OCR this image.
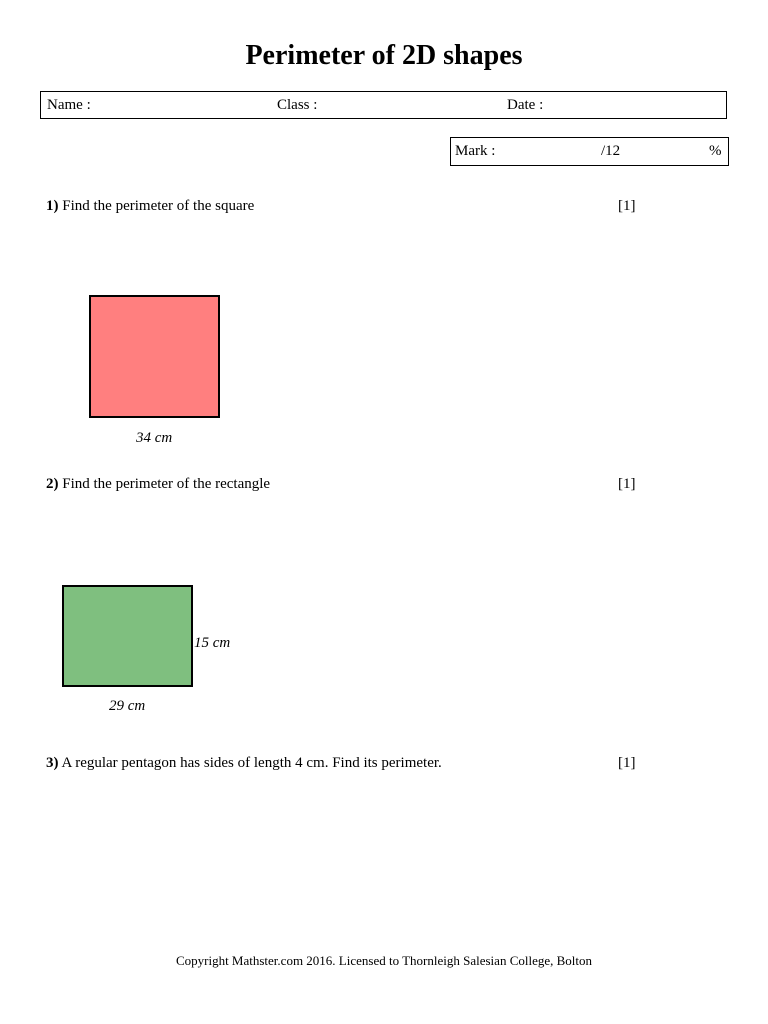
Perimeter of 2D shapes
Name :	Class :	Date :
Mark :	/12	%
1) Find the perimeter of the square	[1]
34 cm
2) Find the perimeter of the rectangle	[1]
15 cm
29 cm
3) A regular pentagon has sides of length 4 cm. Find its perimeter.	[1]
Copyright Mathster.com 2016. Licensed to Thornleigh Salesian College, Bolton
